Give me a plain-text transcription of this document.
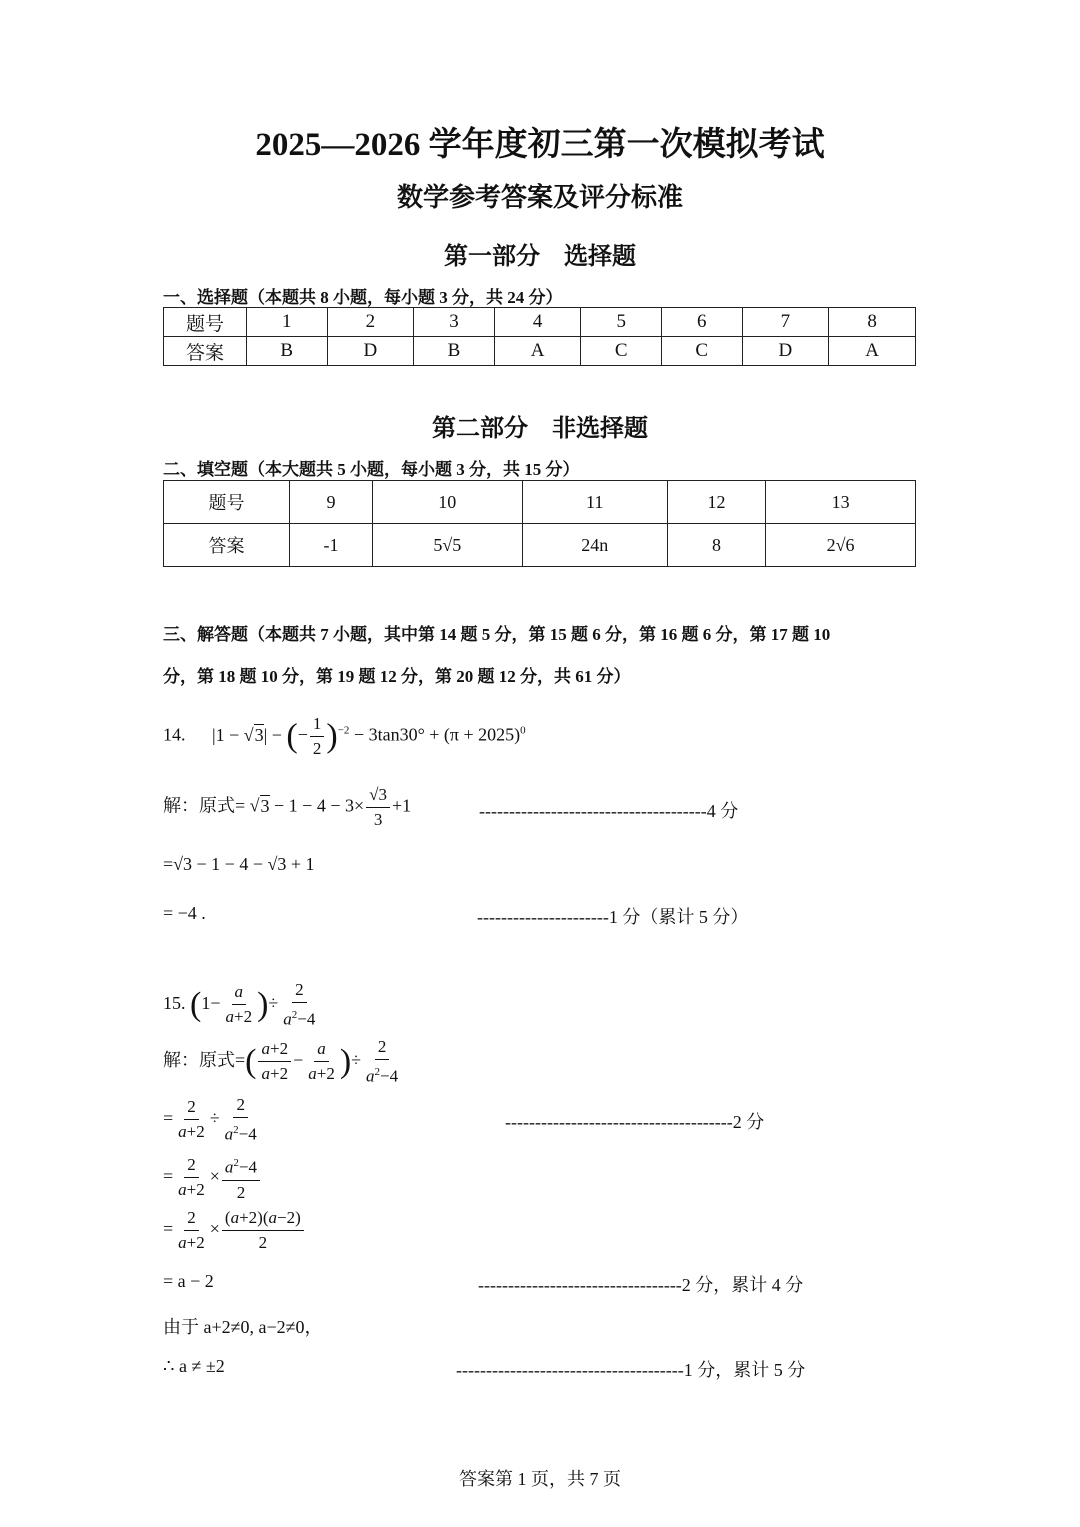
2025—2026 学年度初三第一次模拟考试
数学参考答案及评分标准
第一部分　选择题
一、选择题（本题共 8 小题，每小题 3 分，共 24 分）
题号	1	2	3	4	5	6	7	8
答案	B	D	B	A	C	C	D	A
第二部分　非选择题
二、填空题（本大题共 5 小题，每小题 3 分，共 15 分）
题号	9	10	11	12	13
答案	-1	5√5	24n	8	2√6
三、解答题（本题共 7 小题，其中第 14 题 5 分，第 15 题 6 分，第 16 题 6 分，第 17 题 10
分，第 18 题 10 分，第 19 题 12 分，第 20 题 12 分，共 61 分）
14. |1 − √3| − (− $\frac{1}{2} )^{-2} - 3\tan 30^\circ + (\pi + 2025)^0$
解：原式= $√3 - 1 - 4 - 3\times \frac{√3}{3} +1$	--------------------------------------4 分
=√3 − 1 − 4 − √3 + 1
= −4 .	----------------------1 分（累计 5 分）
15. ($1- \frac{a}{a+2}$ )÷ $\frac{2}{a^2-4}$
解：原式=( $\frac{a+2}{a+2} - \frac{a}{a+2}$ )÷ $\frac{2}{a^2-4}$
= $\frac{2}{a+2} \div \frac{2}{a^2-4}$	--------------------------------------2 分
= $\frac{2}{a+2} \times \frac{a^2-4}{2}$
= $\frac{2}{a+2} \times \frac{(a+2)(a-2)}{2}$
= a − 2	----------------------------------2 分，累计 4 分
由于 a+2≠0, a−2≠0，
∴ a ≠ ±2	--------------------------------------1 分，累计 5 分
答案第 1 页，共 7 页
